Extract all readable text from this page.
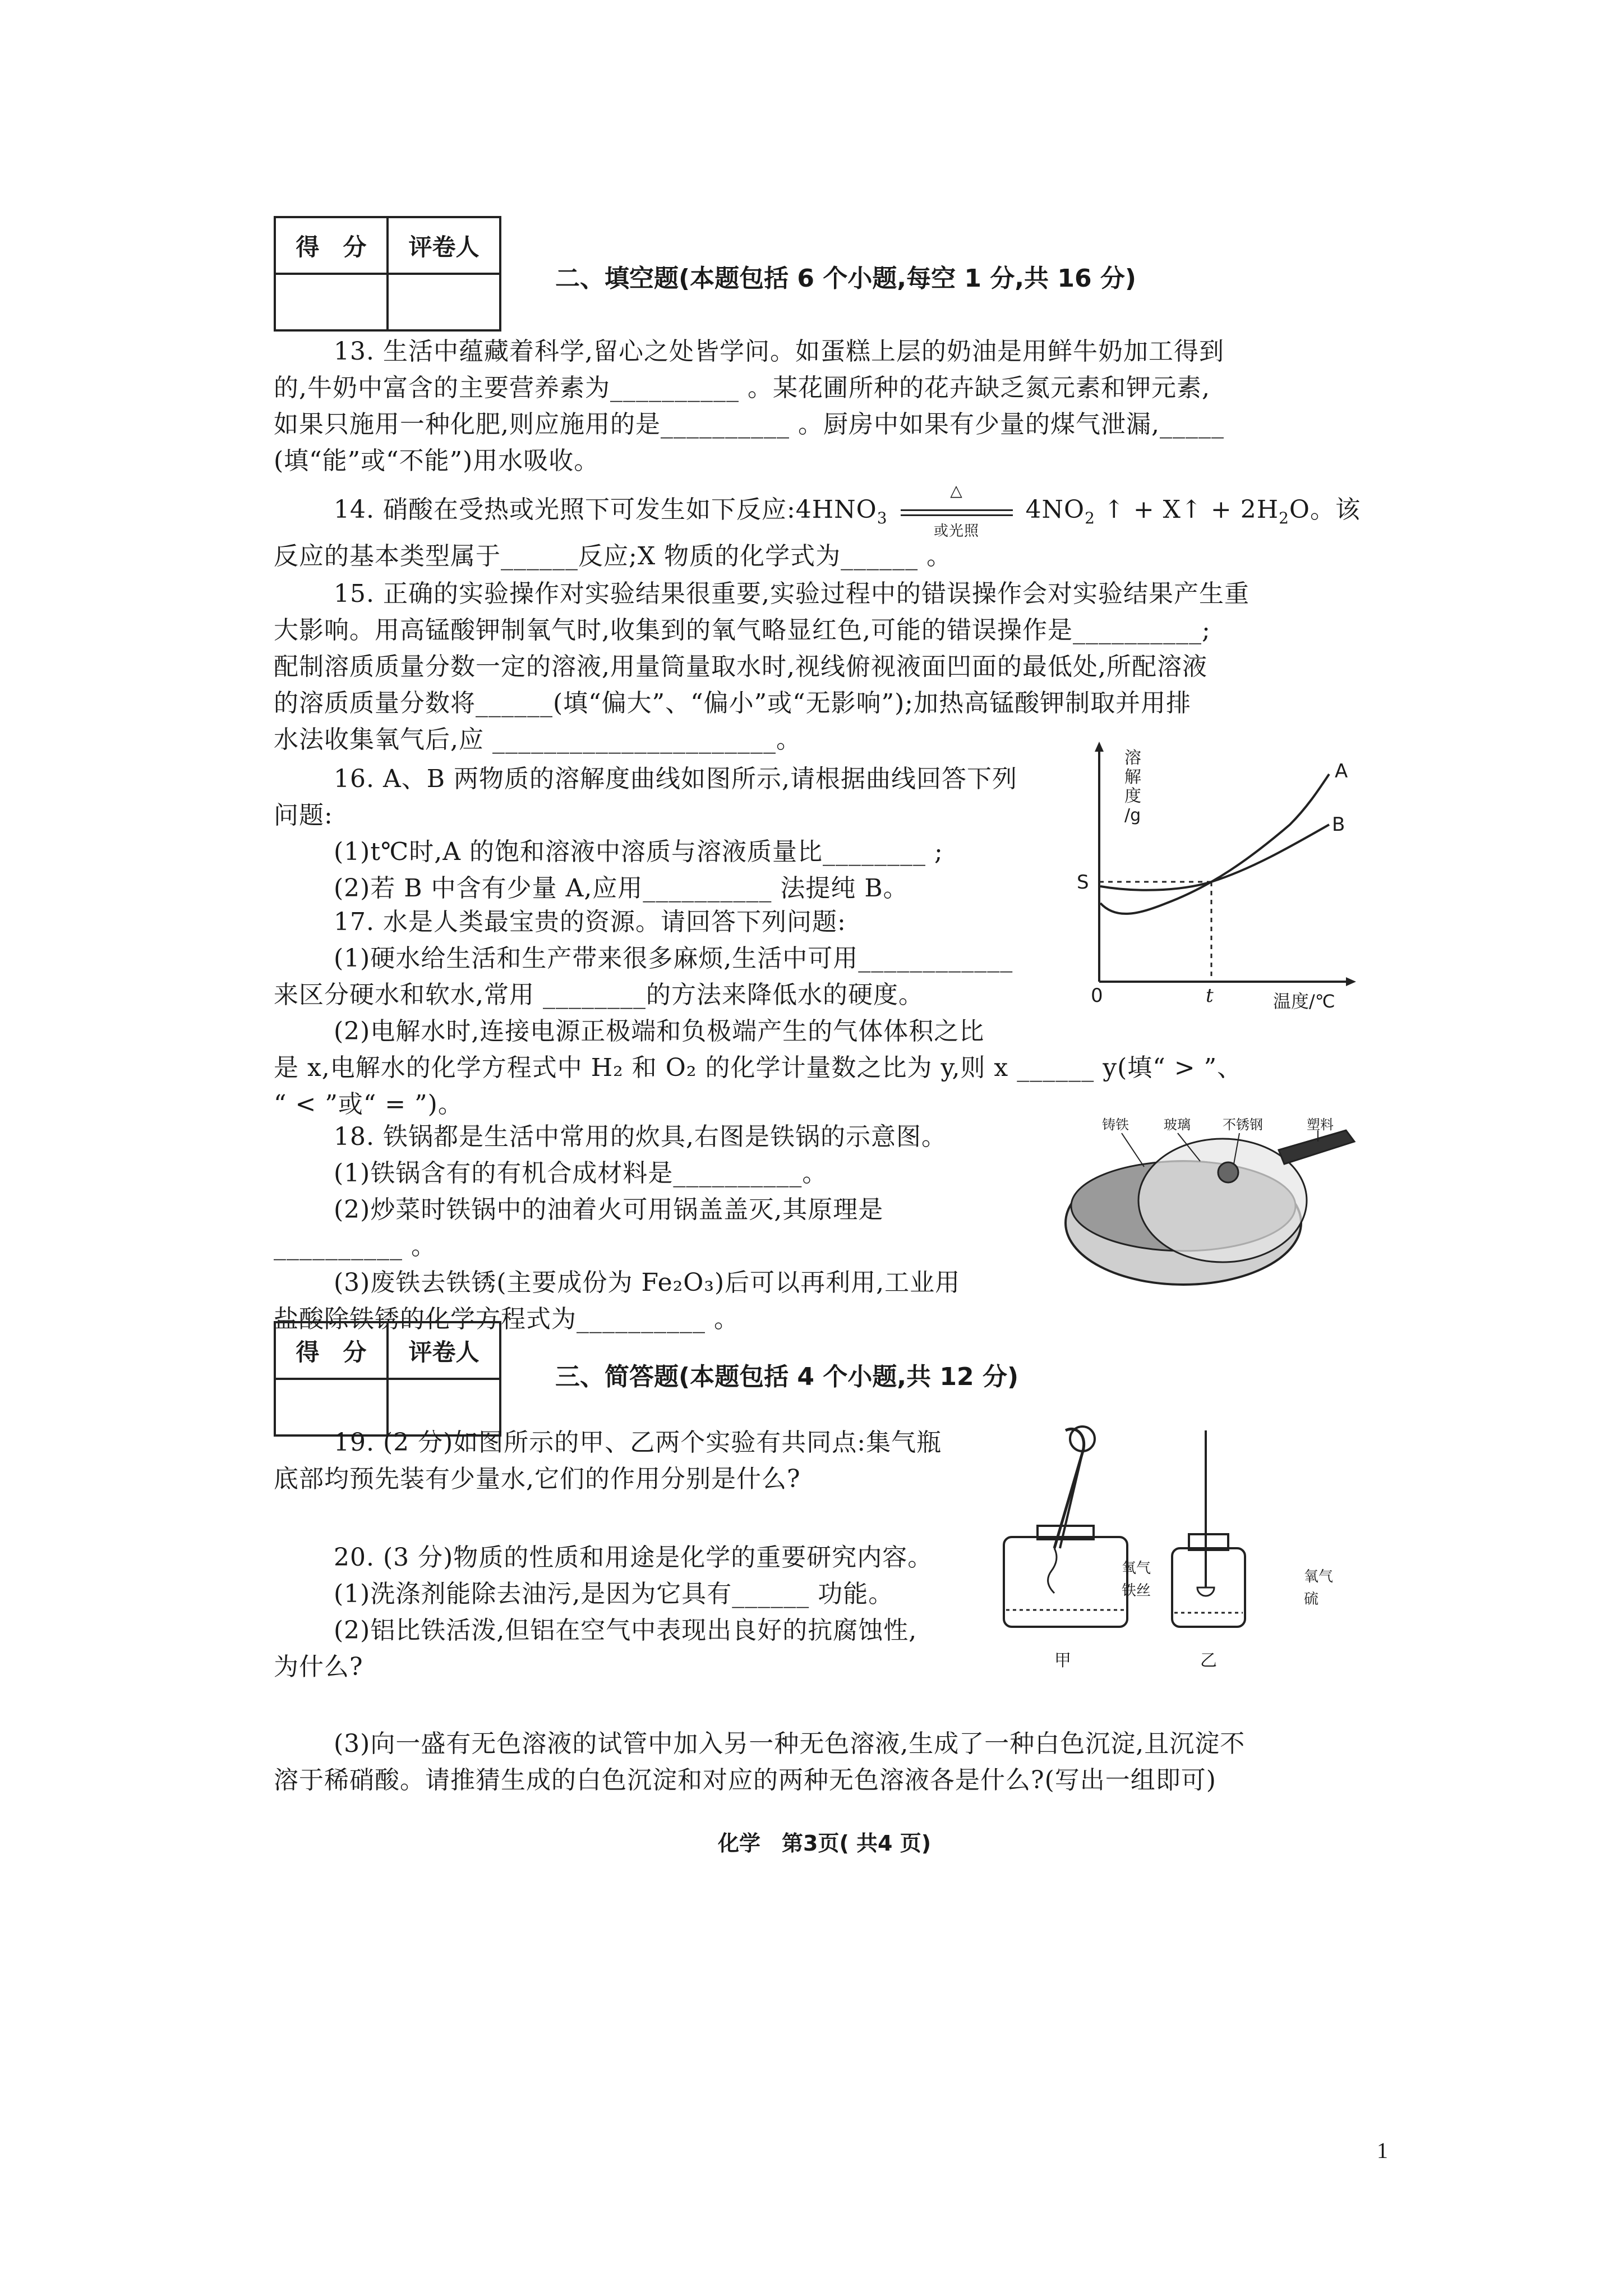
得　分	评卷人

二、填空题(本题包括 6 个小题,每空 1 分,共 16 分)
13. 生活中蕴藏着科学,留心之处皆学问。如蛋糕上层的奶油是用鲜牛奶加工得到
的,牛奶中富含的主要营养素为__________ 。某花圃所种的花卉缺乏氮元素和钾元素,
如果只施用一种化肥,则应施用的是__________ 。厨房中如果有少量的煤气泄漏,_____
(填“能”或“不能”)用水吸收。
14. 硝酸在受热或光照下可发生如下反应$:4HNO_3$
△
或光照
$4NO_2$ ↑ + X↑ + $2H_2O$。该
反应的基本类型属于______反应;X 物质的化学式为______ 。
15. 正确的实验操作对实验结果很重要,实验过程中的错误操作会对实验结果产生重
大影响。用高锰酸钾制氧气时,收集到的氧气略显红色,可能的错误操作是__________;
配制溶质质量分数一定的溶液,用量筒量取水时,视线俯视液面凹面的最低处,所配溶液
的溶质质量分数将______(填“偏大”、“偏小”或“无影响”);加热高锰酸钾制取并用排
水法收集氧气后,应 ______________________。
16. A、B 两物质的溶解度曲线如图所示,请根据曲线回答下列
问题:
(1)t℃时,A 的饱和溶液中溶质与溶液质量比________ ;
(2)若 B 中含有少量 A,应用__________ 法提纯 B。
17. 水是人类最宝贵的资源。请回答下列问题:
(1)硬水给生活和生产带来很多麻烦,生活中可用____________
来区分硬水和软水,常用 ________的方法来降低水的硬度。
(2)电解水时,连接电源正极端和负极端产生的气体体积之比
是 x,电解水的化学方程式中 H₂ 和 O₂ 的化学计量数之比为 y,则 x ______ y(填“ > ”、
“ < ”或“ = ”)。
溶解度/g
温度/℃
0
S
t
A
B
18. 铁锅都是生活中常用的炊具,右图是铁锅的示意图。
(1)铁锅含有的有机合成材料是__________。
(2)炒菜时铁锅中的油着火可用锅盖盖灭,其原理是
__________ 。
(3)废铁去铁锈(主要成份为 Fe₂O₃)后可以再利用,工业用
盐酸除铁锈的化学方程式为__________ 。
铸铁	玻璃 不锈钢	塑料
得　分	评卷人

三、简答题(本题包括 4 个小题,共 12 分)
19. (2 分)如图所示的甲、乙两个实验有共同点:集气瓶
底部均预先装有少量水,它们的作用分别是什么?
20. (3 分)物质的性质和用途是化学的重要研究内容。
(1)洗涤剂能除去油污,是因为它具有______ 功能。
(2)铝比铁活泼,但铝在空气中表现出良好的抗腐蚀性,
为什么?
(3)向一盛有无色溶液的试管中加入另一种无色溶液,生成了一种白色沉淀,且沉淀不
溶于稀硝酸。请推猜生成的白色沉淀和对应的两种无色溶液各是什么?(写出一组即可)
氧气
铁丝
甲
氧气
硫
乙
化学　第3页( 共4 页)
1
